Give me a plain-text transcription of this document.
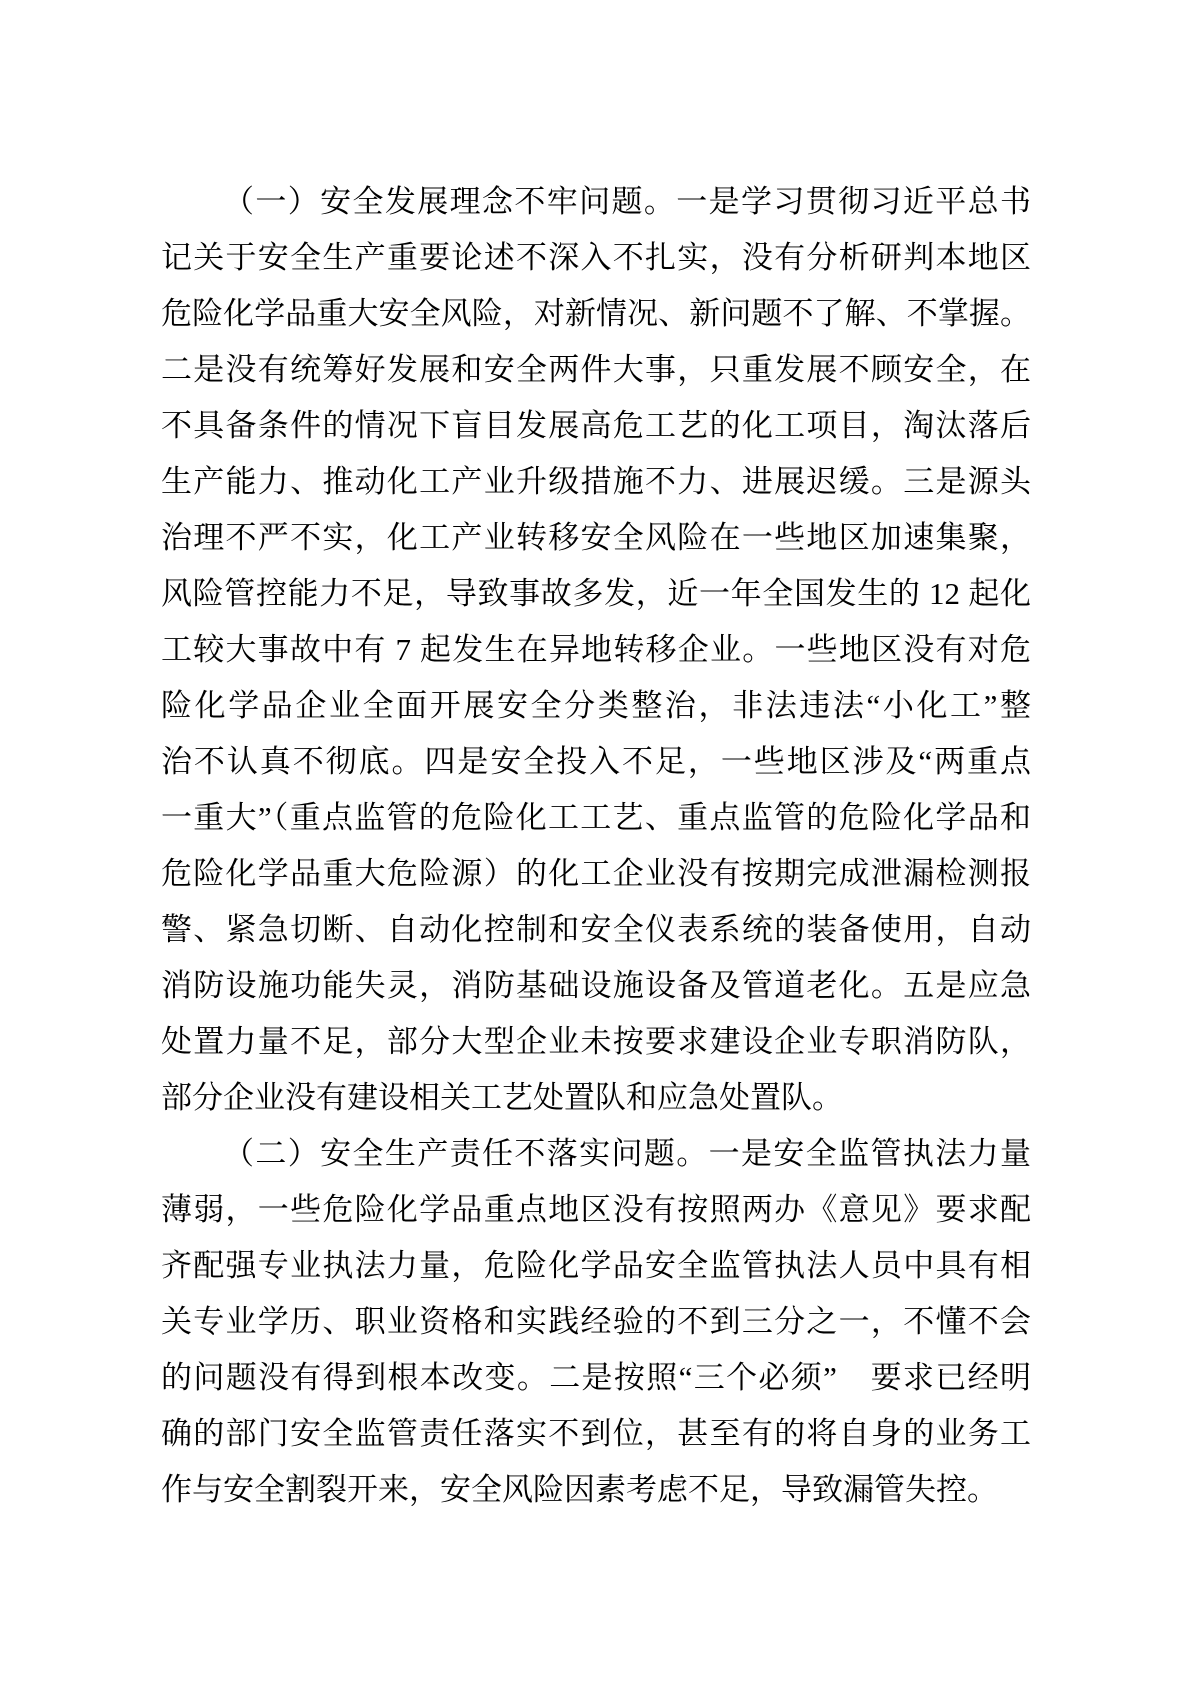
（一）安全发展理念不牢问题。一是学习贯彻习近平总书
记关于安全生产重要论述不深入不扎实，没有分析研判本地区
危险化学品重大安全风险，对新情况、新问题不了解、不掌握。
二是没有统筹好发展和安全两件大事，只重发展不顾安全，在
不具备条件的情况下盲目发展高危工艺的化工项目，淘汰落后
生产能力、推动化工产业升级措施不力、进展迟缓。三是源头
治理不严不实，化工产业转移安全风险在一些地区加速集聚，
风险管控能力不足，导致事故多发，近一年全国发生的 12 起化
工较大事故中有 7 起发生在异地转移企业。一些地区没有对危
险化学品企业全面开展安全分类整治，非法违法“小化工”整
治不认真不彻底。四是安全投入不足，一些地区涉及“两重点
一重大”（重点监管的危险化工工艺、重点监管的危险化学品和
危险化学品重大危险源）的化工企业没有按期完成泄漏检测报
警、紧急切断、自动化控制和安全仪表系统的装备使用，自动
消防设施功能失灵，消防基础设施设备及管道老化。五是应急
处置力量不足，部分大型企业未按要求建设企业专职消防队，
部分企业没有建设相关工艺处置队和应急处置队。

（二）安全生产责任不落实问题。一是安全监管执法力量
薄弱，一些危险化学品重点地区没有按照两办《意见》要求配
齐配强专业执法力量，危险化学品安全监管执法人员中具有相
关专业学历、职业资格和实践经验的不到三分之一，不懂不会
的问题没有得到根本改变。二是按照“三个必须”　要求已经明
确的部门安全监管责任落实不到位，甚至有的将自身的业务工
作与安全割裂开来，安全风险因素考虑不足，导致漏管失控。
